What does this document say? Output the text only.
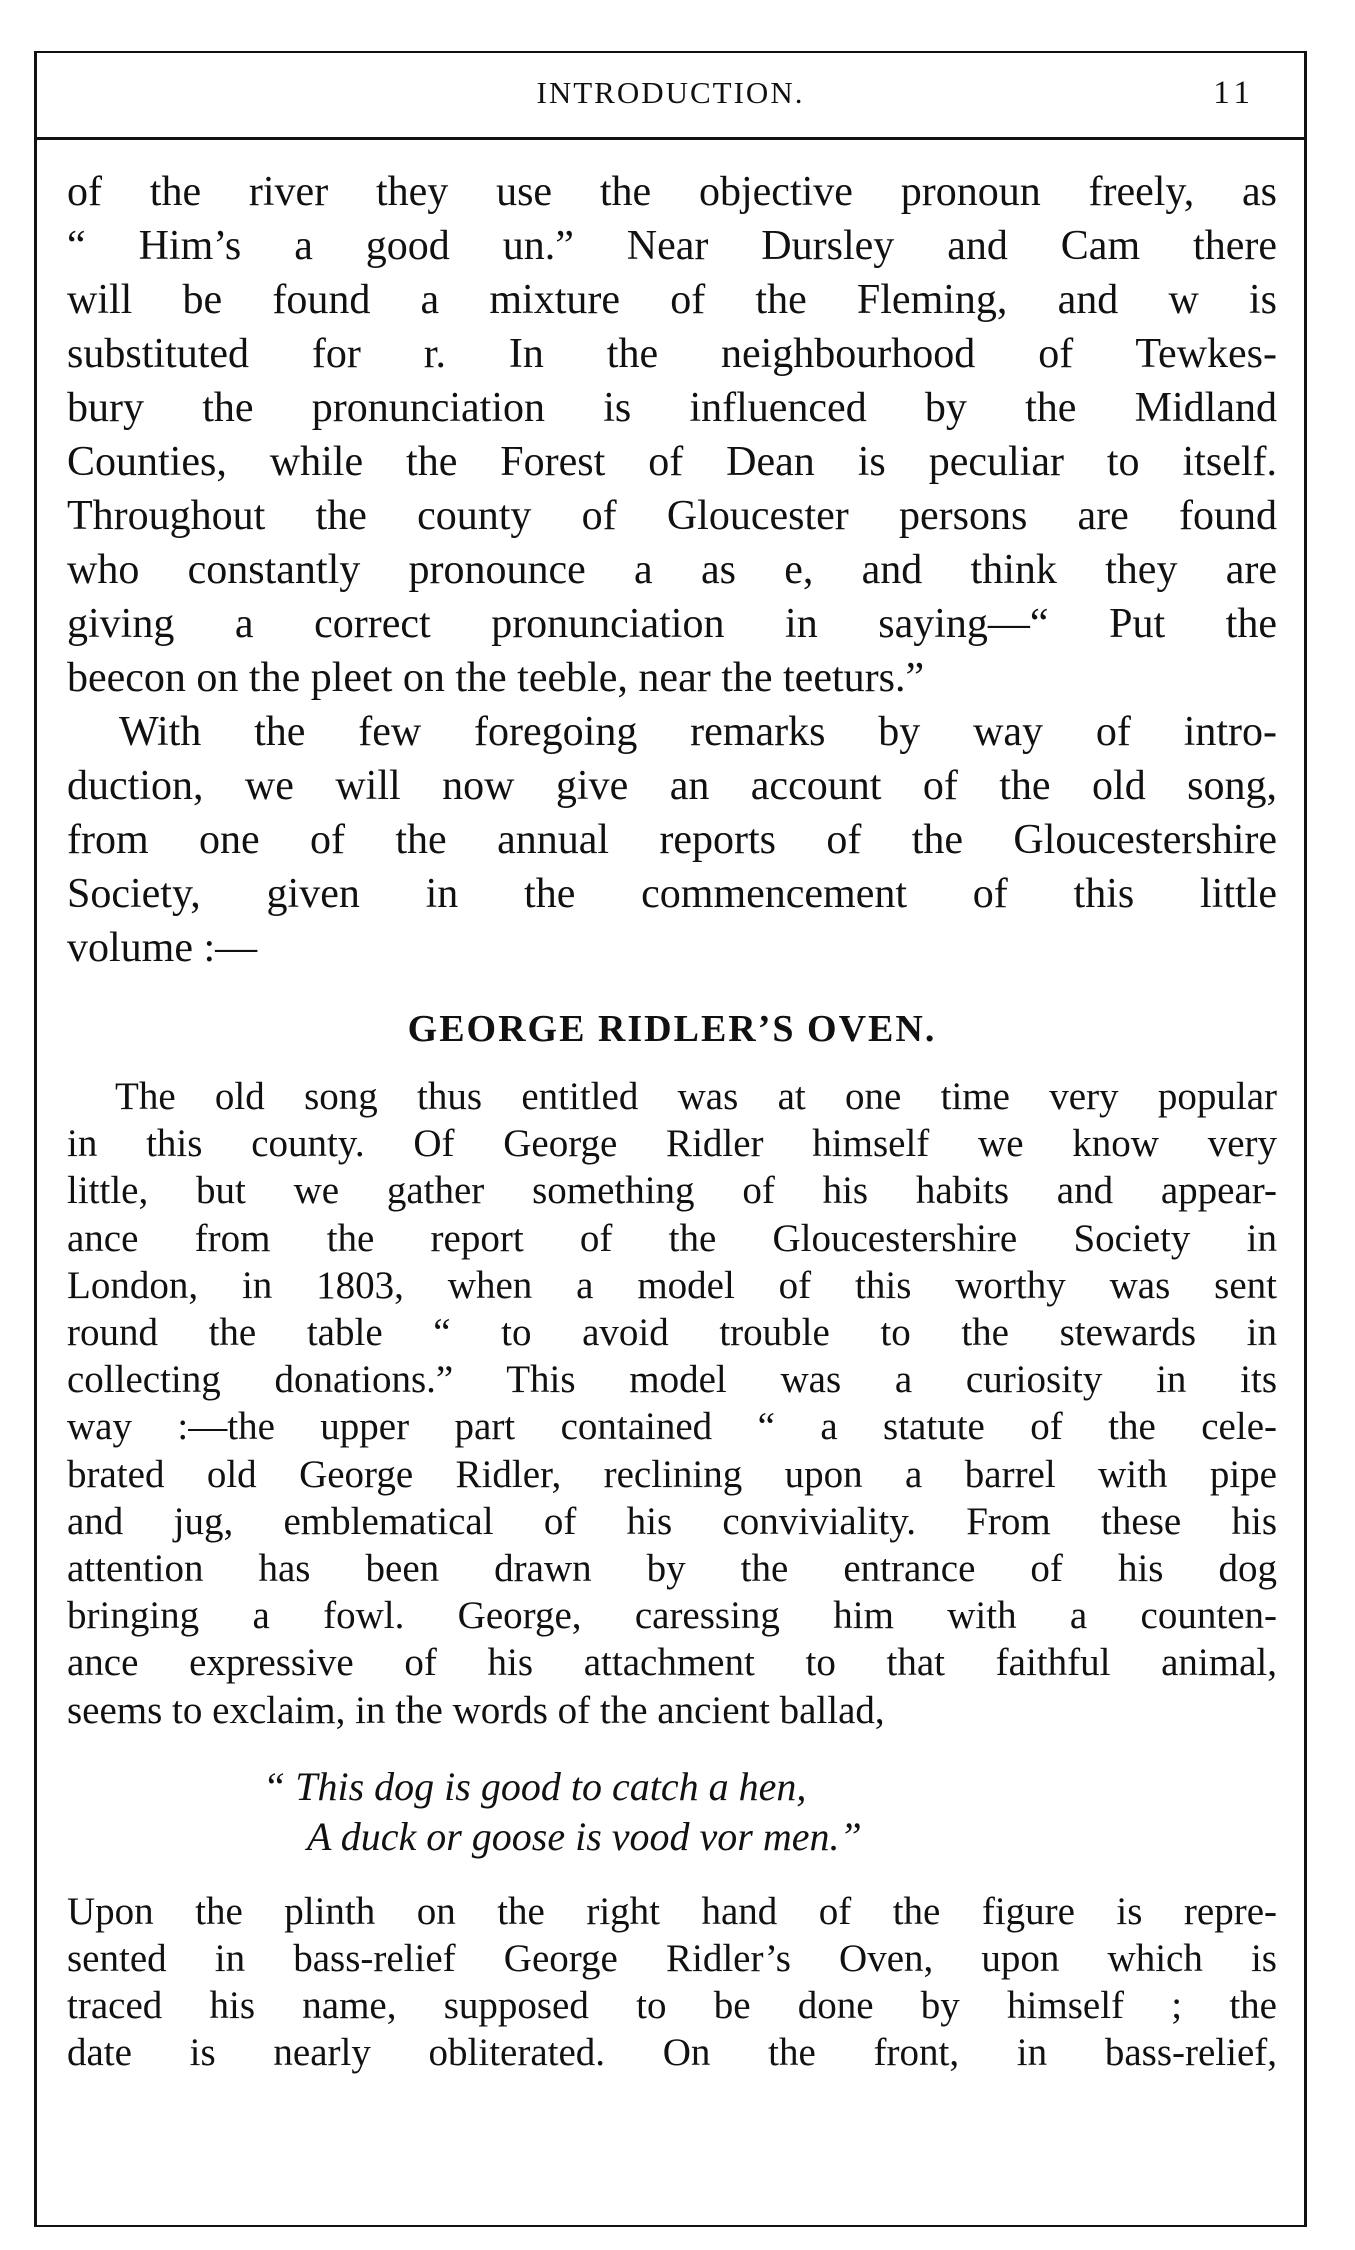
INTRODUCTION.	11
of the river they use the objective pronoun freely, as
“ Him’s a good un.” Near Dursley and Cam there
will be found a mixture of the Fleming, and w is
substituted for r. In the neighbourhood of Tewkes-
bury the pronunciation is influenced by the Midland
Counties, while the Forest of Dean is peculiar to itself.
Throughout the county of Gloucester persons are found
who constantly pronounce a as e, and think they are
giving a correct pronunciation in saying—“ Put the
beecon on the pleet on the teeble, near the teeturs.”
With the few foregoing remarks by way of intro-
duction, we will now give an account of the old song,
from one of the annual reports of the Gloucestershire
Society, given in the commencement of this little
volume :—
GEORGE RIDLER’S OVEN.
The old song thus entitled was at one time very popular
in this county. Of George Ridler himself we know very
little, but we gather something of his habits and appear-
ance from the report of the Gloucestershire Society in
London, in 1803, when a model of this worthy was sent
round the table “ to avoid trouble to the stewards in
collecting donations.” This model was a curiosity in its
way :—the upper part contained “ a statute of the cele-
brated old George Ridler, reclining upon a barrel with pipe
and jug, emblematical of his conviviality. From these his
attention has been drawn by the entrance of his dog
bringing a fowl. George, caressing him with a counten-
ance expressive of his attachment to that faithful animal,
seems to exclaim, in the words of the ancient ballad,
“ This dog is good to catch a hen,
A duck or goose is vood vor men.”
Upon the plinth on the right hand of the figure is repre-
sented in bass-relief George Ridler’s Oven, upon which is
traced his name, supposed to be done by himself ; the
date is nearly obliterated. On the front, in bass-relief,
